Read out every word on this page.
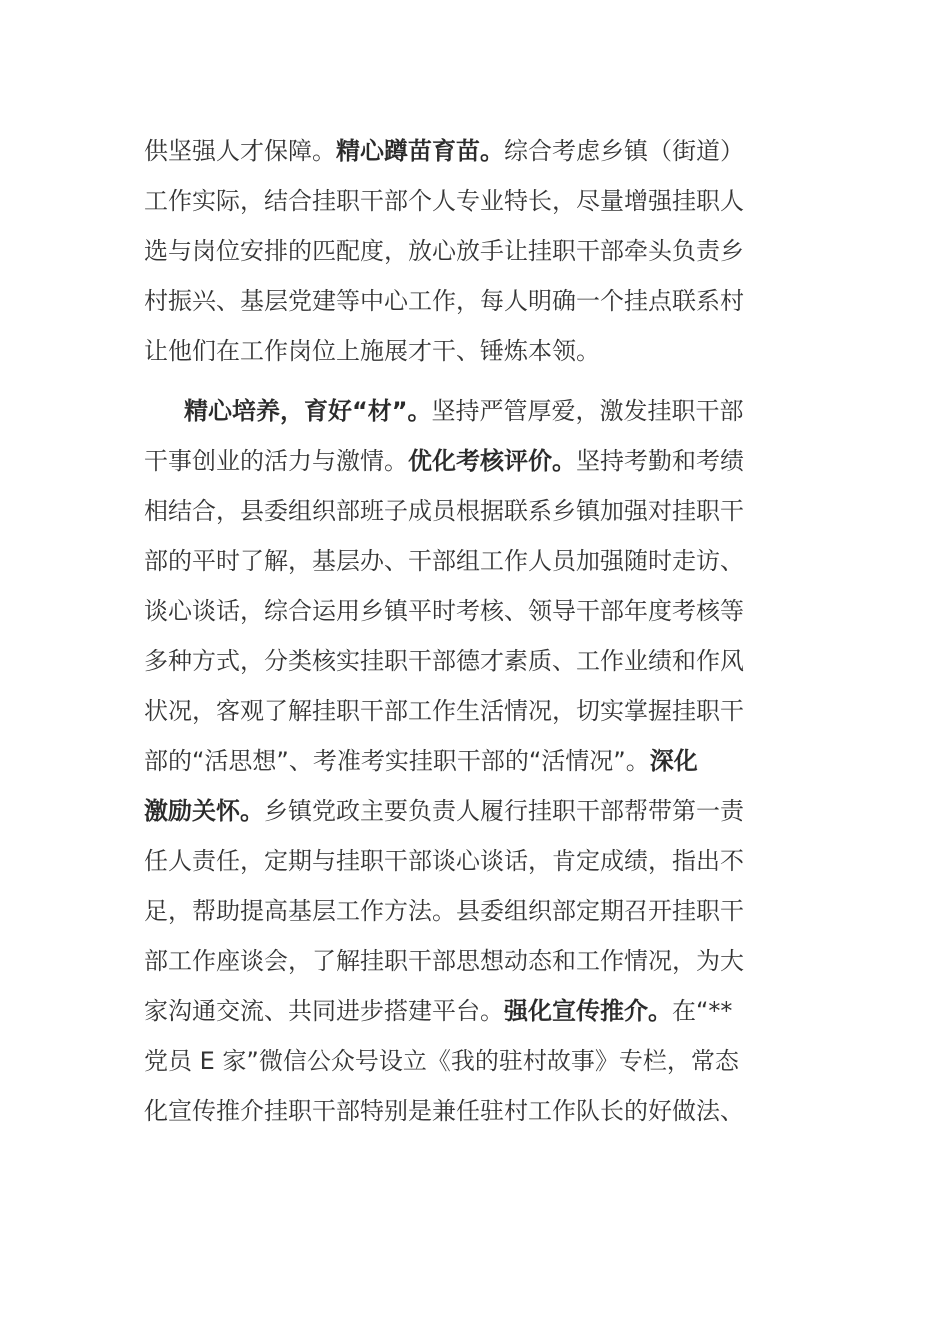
供坚强人才保障。精心蹲苗育苗。综合考虑乡镇（街道）
工作实际，结合挂职干部个人专业特长，尽量增强挂职人
选与岗位安排的匹配度，放心放手让挂职干部牵头负责乡
村振兴、基层党建等中心工作，每人明确一个挂点联系村
让他们在工作岗位上施展才干、锤炼本领。
精心培养，育好“材”。坚持严管厚爱，激发挂职干部
干事创业的活力与激情。优化考核评价。坚持考勤和考绩
相结合，县委组织部班子成员根据联系乡镇加强对挂职干
部的平时了解，基层办、干部组工作人员加强随时走访、
谈心谈话，综合运用乡镇平时考核、领导干部年度考核等
多种方式，分类核实挂职干部德才素质、工作业绩和作风
状况，客观了解挂职干部工作生活情况，切实掌握挂职干
部的“活思想”、考准考实挂职干部的“活情况”。深化
激励关怀。乡镇党政主要负责人履行挂职干部帮带第一责
任人责任，定期与挂职干部谈心谈话，肯定成绩，指出不
足，帮助提高基层工作方法。县委组织部定期召开挂职干
部工作座谈会，了解挂职干部思想动态和工作情况，为大
家沟通交流、共同进步搭建平台。强化宣传推介。在“**
党员 E 家”微信公众号设立《我的驻村故事》专栏，常态
化宣传推介挂职干部特别是兼任驻村工作队长的好做法、
